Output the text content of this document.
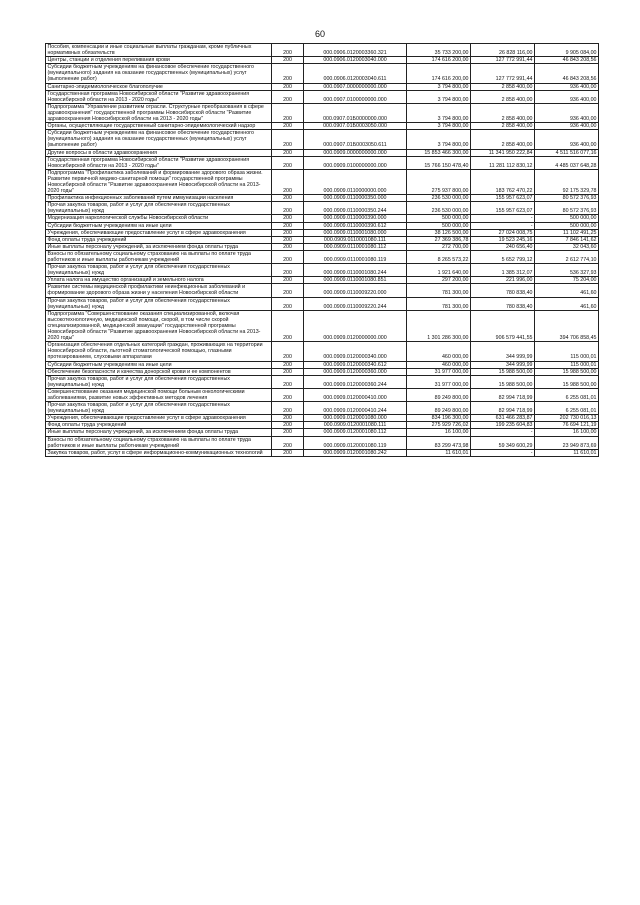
60
Пособия, компенсации и иные социальные выплаты гражданам, кроме публичных нормативных обязательств	200	000.0906.0120003360.321	35 733 200,00	26 828 116,00	9 905 084,00
Центры, станции и отделения переливания крови	200	000.0906.0120003040.000	174 616 200,00	127 772 991,44	46 843 208,56
Субсидии бюджетным учреждениям на финансовое обеспечение государственного (муниципального) задания на оказание государственных (муниципальных) услуг (выполнение работ)	200	000.0906.0120003040.611	174 616 200,00	127 772 991,44	46 843 208,56
Санитарно-эпидемиологическое благополучие	200	000.0907.0000000000.000	3 794 800,00	2 858 400,00	936 400,00
Государственная программа Новосибирской области "Развитие здравоохранения Новосибирской области на 2013 - 2020 годы"	200	000.0907.0100000000.000	3 794 800,00	2 858 400,00	936 400,00
Подпрограмма "Управление развитием отрасли. Структурные преобразования в сфере здравоохранения" государственной программы Новосибирской области "Развитие здравоохранения Новосибирской области на 2013 - 2020 годы"	200	000.0907.01Б0000000.000	3 794 800,00	2 858 400,00	936 400,00
Органы, осуществляющие государственный санитарно-эпидемиологический надзор	200	000.0907.01Б0003050.000	3 794 800,00	2 858 400,00	936 400,00
Субсидии бюджетным учреждениям на финансовое обеспечение государственного (муниципального) задания на оказание государственных (муниципальных) услуг (выполнение работ)	200	000.0907.01Б0003050.611	3 794 800,00	2 858 400,00	936 400,00
Другие вопросы в области здравоохранения	200	000.0909.0000000000.000	15 853 466 300,00	11 341 950 222,84	4 511 516 077,16
Государственная программа Новосибирской области "Развитие здравоохранения Новосибирской области на 2013 - 2020 годы"	200	000.0909.0100000000.000	15 766 150 478,40	11 281 112 830,12	4 485 037 648,28
Подпрограмма "Профилактика заболеваний и формирование здорового образа жизни. Развитие первичной медико-санитарной помощи" государственной программы Новосибирской области "Развитие здравоохранения Новосибирской области на 2013-2020 годы"	200	000.0909.0110000000.000	275 937 800,00	183 762 470,22	92 175 329,78
Профилактика инфекционных заболеваний путем иммунизации населения	200	000.0909.0110000350.000	236 530 000,00	155 957 623,07	80 572 376,93
Прочая закупка товаров, работ и услуг для обеспечения государственных (муниципальных) нужд	200	000.0909.0110000350.244	236 530 000,00	155 957 623,07	80 572 376,93
Модернизация наркологической службы Новосибирской области	200	000.0909.0110000390.000	500 000,00	-	500 000,00
Субсидии бюджетным учреждениям на иные цели	200	000.0909.0110000390.612	500 000,00	-	500 000,00
Учреждения, обеспечивающие предоставление услуг в сфере здравоохранения	200	000.0909.0110001080.000	38 126 500,00	27 024 008,75	11 102 491,25
Фонд оплаты труда учреждений	200	000.0909.0110001080.111	27 369 386,78	19 523 245,16	7 846 141,62
Иные выплаты персоналу учреждений, за исключением фонда оплаты труда	200	000.0909.0110001080.112	272 700,00	240 656,40	32 043,60
Взносы по обязательному социальному страхованию на выплаты по оплате труда работников и иные выплаты работникам учреждений	200	000.0909.0110001080.119	8 265 573,22	5 652 799,12	2 612 774,10
Прочая закупка товаров, работ и услуг для обеспечения государственных (муниципальных) нужд	200	000.0909.0110001080.244	1 921 640,00	1 385 312,07	536 327,93
Уплата налога на имущество организаций и земельного налога	200	000.0909.0110001080.851	297 200,00	221 996,00	75 204,00
Развитие системы медицинской профилактики неинфекционных заболеваний и формирование здорового образа жизни у населения Новосибирской области	200	000.0909.0110009220.000	781 300,00	780 838,40	461,60
Прочая закупка товаров, работ и услуг для обеспечения государственных (муниципальных) нужд	200	000.0909.0110009220.244	781 300,00	780 838,40	461,60
Подпрограмма "Совершенствование оказания специализированной, включая высокотехнологичную, медицинской помощи, скорой, в том числе скорой специализированной, медицинской эвакуации" государственной программы Новосибирской области "Развитие здравоохранения Новосибирской области на 2013-2020 годы"	200	000.0909.0120000000.000	1 301 286 300,00	906 579 441,55	394 706 858,45
Организация обеспечения отдельных категорий граждан, проживающих на территории Новосибирской области, льготной стоматологической помощью, глазными протезированием, слуховыми аппаратами	200	000.0909.0120000340.000	460 000,00	344 999,99	115 000,01
Субсидии бюджетным учреждениям на иные цели	200	000.0909.0120000340.612	460 000,00	344 999,99	115 000,01
Обеспечение безопасности и качества донорской крови и ее компонентов	200	000.0909.0120000360.000	31 977 000,00	15 988 500,00	15 988 500,00
Прочая закупка товаров, работ и услуг для обеспечения государственных (муниципальных) нужд	200	000.0909.0120000360.244	31 977 000,00	15 988 500,00	15 988 500,00
Совершенствование оказания медицинской помощи больным онкологическими заболеваниями, развитие новых эффективных методов лечения	200	000.0909.0120000410.000	89 249 800,00	82 994 718,99	6 255 081,01
Прочая закупка товаров, работ и услуг для обеспечения государственных (муниципальных) нужд	200	000.0909.0120000410.244	89 249 800,00	82 994 718,99	6 255 081,01
Учреждения, обеспечивающие предоставление услуг в сфере здравоохранения	200	000.0909.0120001080.000	834 196 300,00	631 466 283,87	202 730 016,13
Фонд оплаты труда учреждений	200	000.0909.0120001080.111	275 929 726,02	199 235 604,83	76 694 121,19
Иные выплаты персоналу учреждений, за исключением фонда оплаты труда	200	000.0909.0120001080.112	16 100,00	-	16 100,00
Взносы по обязательному социальному страхованию на выплаты по оплате труда работников и иные выплаты работникам учреждений	200	000.0909.0120001080.119	83 299 473,98	59 349 600,29	23 949 873,69
Закупка товаров, работ, услуг в сфере информационно-коммуникационных технологий	200	000.0909.0120001080.242	11 610,01	-	11 610,01
